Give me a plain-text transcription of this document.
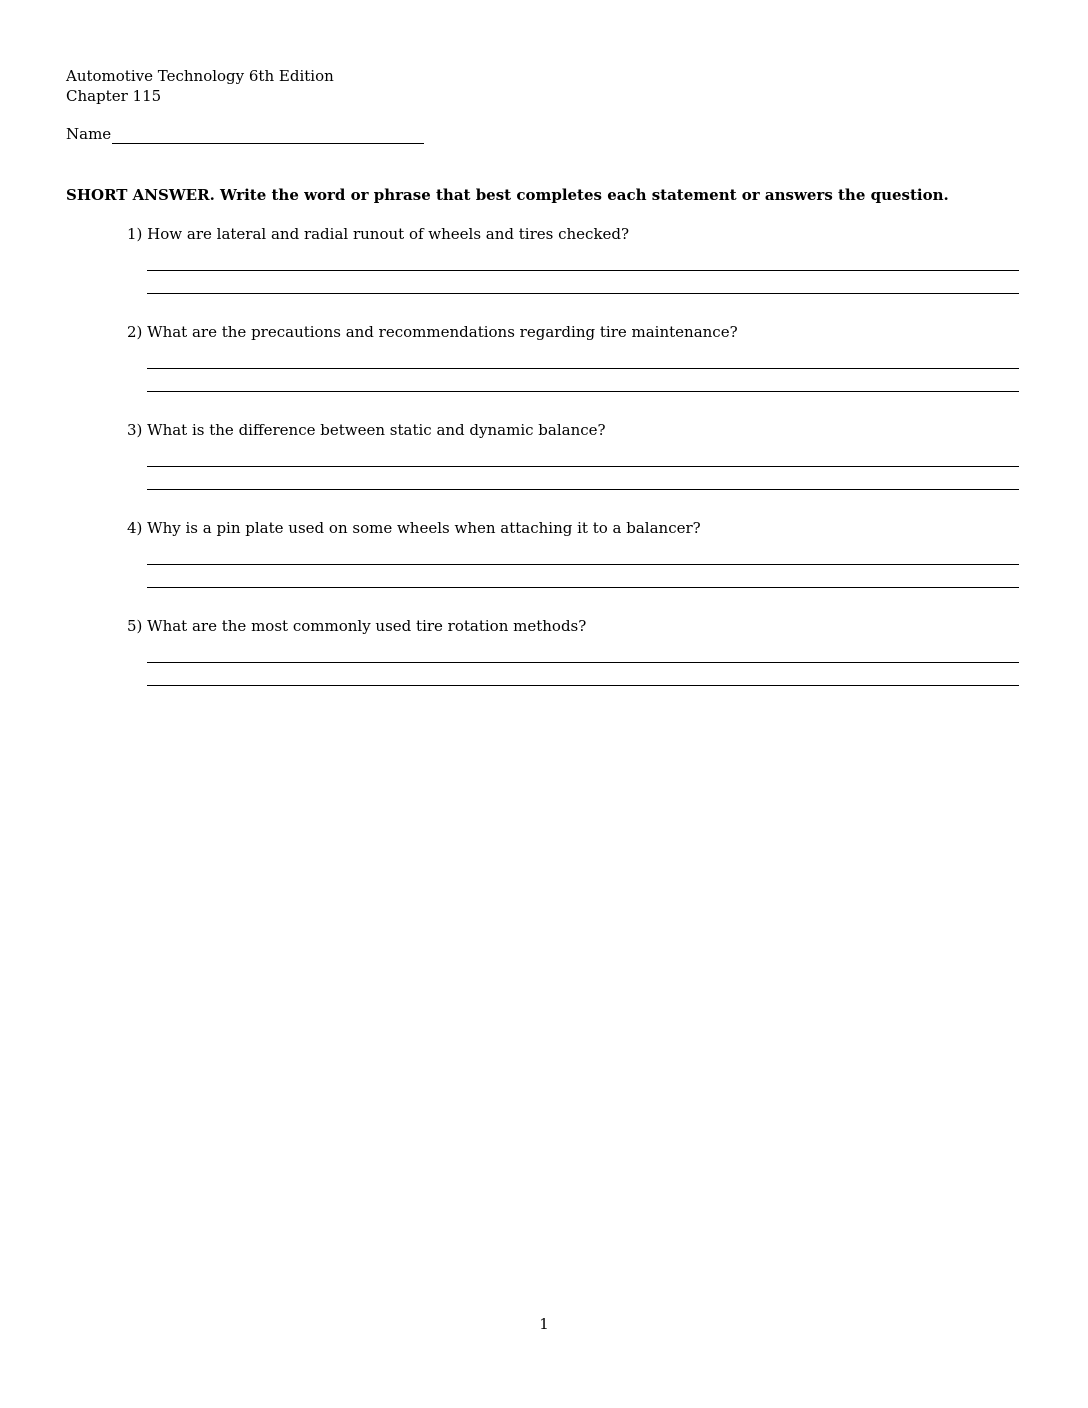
Automotive Technology 6th Edition
Chapter 115
Name
SHORT ANSWER. Write the word or phrase that best completes each statement or answers the question.
1) How are lateral and radial runout of wheels and tires checked?
2) What are the precautions and recommendations regarding tire maintenance?
3) What is the difference between static and dynamic balance?
4) Why is a pin plate used on some wheels when attaching it to a balancer?
5) What are the most commonly used tire rotation methods?
1
